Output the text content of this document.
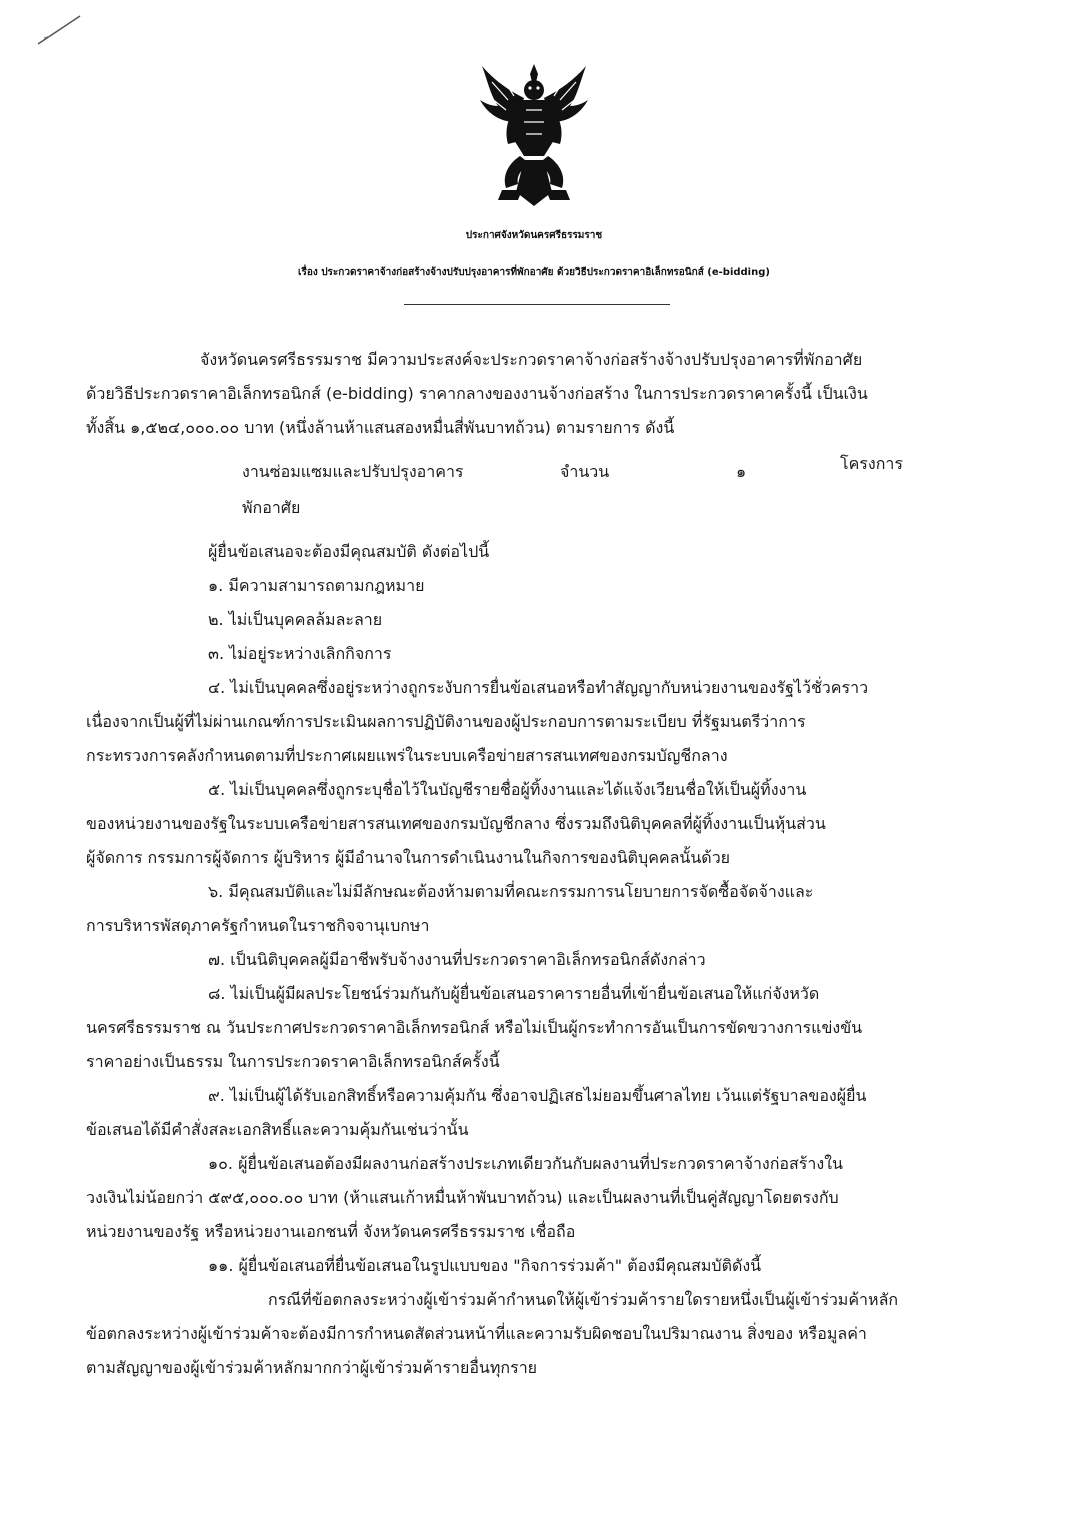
ประกาศจังหวัดนครศรีธรรมราช
เรื่อง ประกวดราคาจ้างก่อสร้างจ้างปรับปรุงอาคารที่พักอาศัย ด้วยวิธีประกวดราคาอิเล็กทรอนิกส์ (e-bidding)
จังหวัดนครศรีธรรมราช มีความประสงค์จะประกวดราคาจ้างก่อสร้างจ้างปรับปรุงอาคารที่พักอาศัย
ด้วยวิธีประกวดราคาอิเล็กทรอนิกส์ (e-bidding) ราคากลางของงานจ้างก่อสร้าง ในการประกวดราคาครั้งนี้ เป็นเงิน
ทั้งสิ้น ๑,๕๒๔,๐๐๐.๐๐ บาท (หนึ่งล้านห้าแสนสองหมื่นสี่พันบาทถ้วน) ตามรายการ ดังนี้
งานซ่อมแซมและปรับปรุงอาคาร	จำนวน	๑	โครงการ
พักอาศัย
ผู้ยื่นข้อเสนอจะต้องมีคุณสมบัติ ดังต่อไปนี้
๑. มีความสามารถตามกฎหมาย
๒. ไม่เป็นบุคคลล้มละลาย
๓. ไม่อยู่ระหว่างเลิกกิจการ
๔. ไม่เป็นบุคคลซึ่งอยู่ระหว่างถูกระงับการยื่นข้อเสนอหรือทำสัญญากับหน่วยงานของรัฐไว้ชั่วคราว
เนื่องจากเป็นผู้ที่ไม่ผ่านเกณฑ์การประเมินผลการปฏิบัติงานของผู้ประกอบการตามระเบียบ ที่รัฐมนตรีว่าการ
กระทรวงการคลังกำหนดตามที่ประกาศเผยแพร่ในระบบเครือข่ายสารสนเทศของกรมบัญชีกลาง
๕. ไม่เป็นบุคคลซึ่งถูกระบุชื่อไว้ในบัญชีรายชื่อผู้ทิ้งงานและได้แจ้งเวียนชื่อให้เป็นผู้ทิ้งงาน
ของหน่วยงานของรัฐในระบบเครือข่ายสารสนเทศของกรมบัญชีกลาง ซึ่งรวมถึงนิติบุคคลที่ผู้ทิ้งงานเป็นหุ้นส่วน
ผู้จัดการ กรรมการผู้จัดการ ผู้บริหาร ผู้มีอำนาจในการดำเนินงานในกิจการของนิติบุคคลนั้นด้วย
๖. มีคุณสมบัติและไม่มีลักษณะต้องห้ามตามที่คณะกรรมการนโยบายการจัดซื้อจัดจ้างและ
การบริหารพัสดุภาครัฐกำหนดในราชกิจจานุเบกษา
๗. เป็นนิติบุคคลผู้มีอาชีพรับจ้างงานที่ประกวดราคาอิเล็กทรอนิกส์ดังกล่าว
๘. ไม่เป็นผู้มีผลประโยชน์ร่วมกันกับผู้ยื่นข้อเสนอราคารายอื่นที่เข้ายื่นข้อเสนอให้แก่จังหวัด
นครศรีธรรมราช ณ วันประกาศประกวดราคาอิเล็กทรอนิกส์ หรือไม่เป็นผู้กระทำการอันเป็นการขัดขวางการแข่งขัน
ราคาอย่างเป็นธรรม ในการประกวดราคาอิเล็กทรอนิกส์ครั้งนี้
๙. ไม่เป็นผู้ได้รับเอกสิทธิ์หรือความคุ้มกัน ซึ่งอาจปฏิเสธไม่ยอมขึ้นศาลไทย เว้นแต่รัฐบาลของผู้ยื่น
ข้อเสนอได้มีคำสั่งสละเอกสิทธิ์และความคุ้มกันเช่นว่านั้น
๑๐. ผู้ยื่นข้อเสนอต้องมีผลงานก่อสร้างประเภทเดียวกันกับผลงานที่ประกวดราคาจ้างก่อสร้างใน
วงเงินไม่น้อยกว่า ๕๙๕,๐๐๐.๐๐ บาท (ห้าแสนเก้าหมื่นห้าพันบาทถ้วน) และเป็นผลงานที่เป็นคู่สัญญาโดยตรงกับ
หน่วยงานของรัฐ หรือหน่วยงานเอกชนที่ จังหวัดนครศรีธรรมราช เชื่อถือ
๑๑. ผู้ยื่นข้อเสนอที่ยื่นข้อเสนอในรูปแบบของ "กิจการร่วมค้า" ต้องมีคุณสมบัติดังนี้
กรณีที่ข้อตกลงระหว่างผู้เข้าร่วมค้ากำหนดให้ผู้เข้าร่วมค้ารายใดรายหนึ่งเป็นผู้เข้าร่วมค้าหลัก
ข้อตกลงระหว่างผู้เข้าร่วมค้าจะต้องมีการกำหนดสัดส่วนหน้าที่และความรับผิดชอบในปริมาณงาน สิ่งของ หรือมูลค่า
ตามสัญญาของผู้เข้าร่วมค้าหลักมากกว่าผู้เข้าร่วมค้ารายอื่นทุกราย
